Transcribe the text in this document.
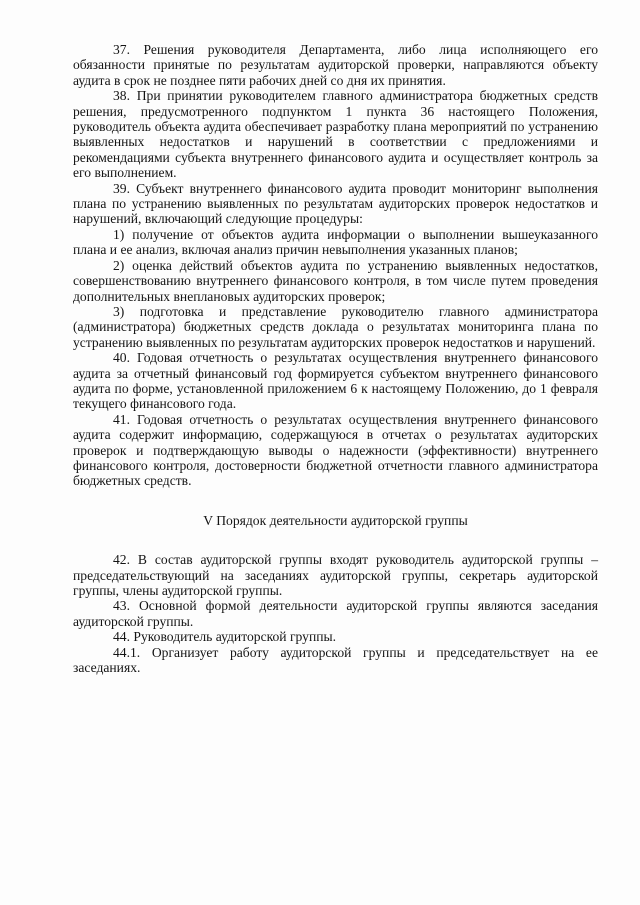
37. Решения руководителя Департамента, либо лица исполняющего его обязанности принятые по результатам аудиторской проверки, направляются объекту аудита в срок не позднее пяти рабочих дней со дня их принятия.

38. При принятии руководителем главного администратора бюджетных средств решения, предусмотренного подпунктом 1 пункта 36 настоящего Положения, руководитель объекта аудита обеспечивает разработку плана мероприятий по устранению выявленных недостатков и нарушений в соответствии с предложениями и рекомендациями субъекта внутреннего финансового аудита и осуществляет контроль за его выполнением.

39. Субъект внутреннего финансового аудита проводит мониторинг выполнения плана по устранению выявленных по результатам аудиторских проверок недостатков и нарушений, включающий следующие процедуры:

1) получение от объектов аудита информации о выполнении вышеуказанного плана и ее анализ, включая анализ причин невыполнения указанных планов;

2) оценка действий объектов аудита по устранению выявленных недостатков, совершенствованию внутреннего финансового контроля, в том числе путем проведения дополнительных внеплановых аудиторских проверок;

3) подготовка и представление руководителю главного администратора (администратора) бюджетных средств доклада о результатах мониторинга плана по устранению выявленных по результатам аудиторских проверок недостатков и нарушений.

40. Годовая отчетность о результатах осуществления внутреннего финансового аудита за отчетный финансовый год формируется субъектом внутреннего финансового аудита по форме, установленной приложением 6 к настоящему Положению, до 1 февраля текущего финансового года.

41. Годовая отчетность о результатах осуществления внутреннего финансового аудита содержит информацию, содержащуюся в отчетах о результатах аудиторских проверок и подтверждающую выводы о надежности (эффективности) внутреннего финансового контроля, достоверности бюджетной отчетности главного администратора бюджетных средств.

V Порядок деятельности аудиторской группы

42. В состав аудиторской группы входят руководитель аудиторской группы – председательствующий на заседаниях аудиторской группы, секретарь аудиторской группы, члены аудиторской группы.

43. Основной формой деятельности аудиторской группы являются заседания аудиторской группы.

44. Руководитель аудиторской группы.

44.1. Организует работу аудиторской группы и председательствует на ее заседаниях.
